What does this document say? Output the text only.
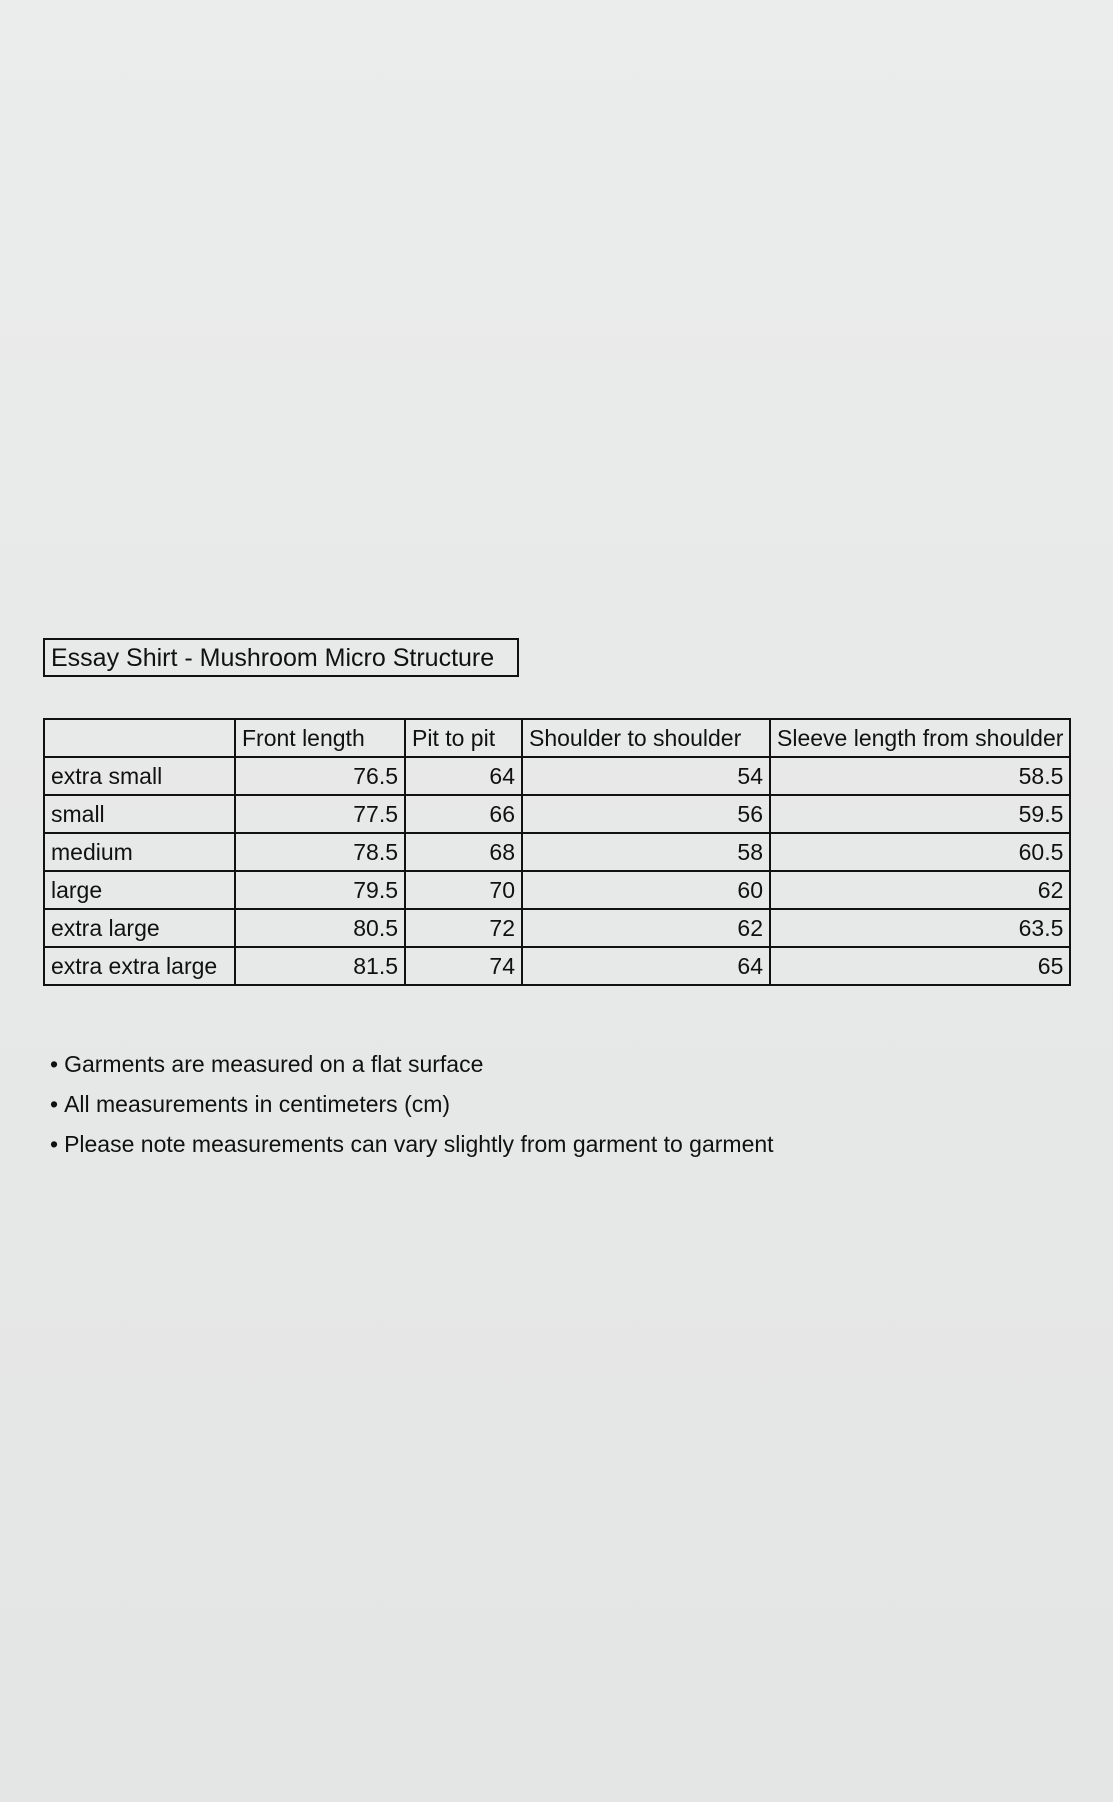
Essay Shirt - Mushroom Micro Structure
	Front length	Pit to pit	Shoulder to shoulder	Sleeve length from shoulder
extra small	76.5	64	54	58.5
small	77.5	66	56	59.5
medium	78.5	68	58	60.5
large	79.5	70	60	62
extra large	80.5	72	62	63.5
extra extra large	81.5	74	64	65
• Garments are measured on a flat surface
• All measurements in centimeters (cm)
• Please note measurements can vary slightly from garment to garment
